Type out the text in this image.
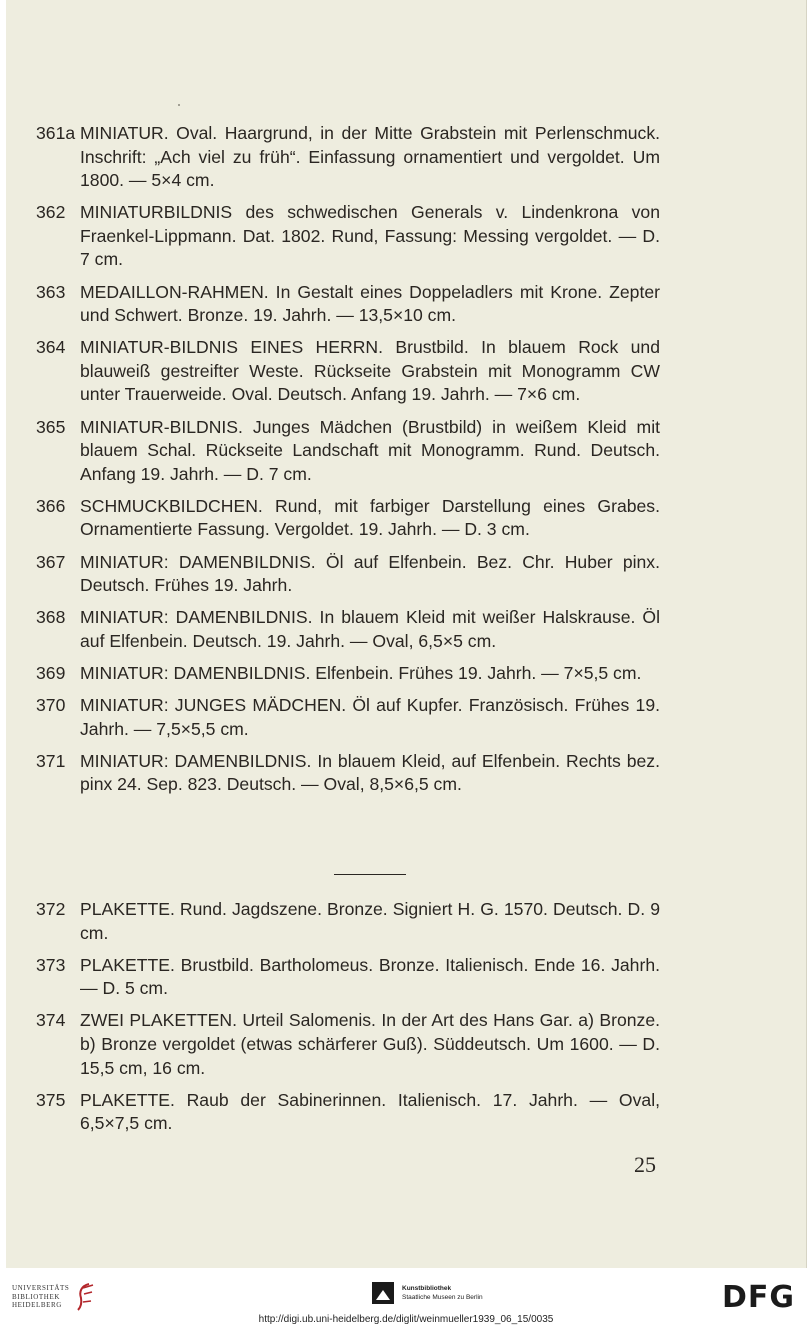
361a MINIATUR. Oval. Haargrund, in der Mitte Grabstein mit Perlenschmuck. Inschrift: „Ach viel zu früh“. Einfassung ornamentiert und vergoldet. Um 1800. — 5×4 cm.
362 MINIATURBILDNIS des schwedischen Generals v. Lindenkrona von Fraenkel-Lippmann. Dat. 1802. Rund, Fassung: Messing vergoldet. — D. 7 cm.
363 MEDAILLON-RAHMEN. In Gestalt eines Doppeladlers mit Krone. Zepter und Schwert. Bronze. 19. Jahrh. — 13,5×10 cm.
364 MINIATUR-BILDNIS EINES HERRN. Brustbild. In blauem Rock und blauweiß gestreifter Weste. Rückseite Grabstein mit Monogramm CW unter Trauerweide. Oval. Deutsch. Anfang 19. Jahrh. — 7×6 cm.
365 MINIATUR-BILDNIS. Junges Mädchen (Brustbild) in weißem Kleid mit blauem Schal. Rückseite Landschaft mit Monogramm. Rund. Deutsch. Anfang 19. Jahrh. — D. 7 cm.
366 SCHMUCKBILDCHEN. Rund, mit farbiger Darstellung eines Grabes. Ornamentierte Fassung. Vergoldet. 19. Jahrh. — D. 3 cm.
367 MINIATUR: DAMENBILDNIS. Öl auf Elfenbein. Bez. Chr. Huber pinx. Deutsch. Frühes 19. Jahrh.
368 MINIATUR: DAMENBILDNIS. In blauem Kleid mit weißer Halskrause. Öl auf Elfenbein. Deutsch. 19. Jahrh. — Oval, 6,5×5 cm.
369 MINIATUR: DAMENBILDNIS. Elfenbein. Frühes 19. Jahrh. — 7×5,5 cm.
370 MINIATUR: JUNGES MÄDCHEN. Öl auf Kupfer. Französisch. Frühes 19. Jahrh. — 7,5×5,5 cm.
371 MINIATUR: DAMENBILDNIS. In blauem Kleid, auf Elfenbein. Rechts bez. pinx 24. Sep. 823. Deutsch. — Oval, 8,5×6,5 cm.
372 PLAKETTE. Rund. Jagdszene. Bronze. Signiert H. G. 1570. Deutsch. D. 9 cm.
373 PLAKETTE. Brustbild. Bartholomeus. Bronze. Italienisch. Ende 16. Jahrh. — D. 5 cm.
374 ZWEI PLAKETTEN. Urteil Salomenis. In der Art des Hans Gar. a) Bronze. b) Bronze vergoldet (etwas schärferer Guß). Süddeutsch. Um 1600. — D. 15,5 cm, 16 cm.
375 PLAKETTE. Raub der Sabinerinnen. Italienisch. 17. Jahrh. — Oval, 6,5×7,5 cm.
25
UNIVERSITÄTS
BIBLIOTHEK
HEIDELBERG
Kunstbibliothek
Staatliche Museen zu Berlin	DFG
http://digi.ub.uni-heidelberg.de/diglit/weinmueller1939_06_15/0035
